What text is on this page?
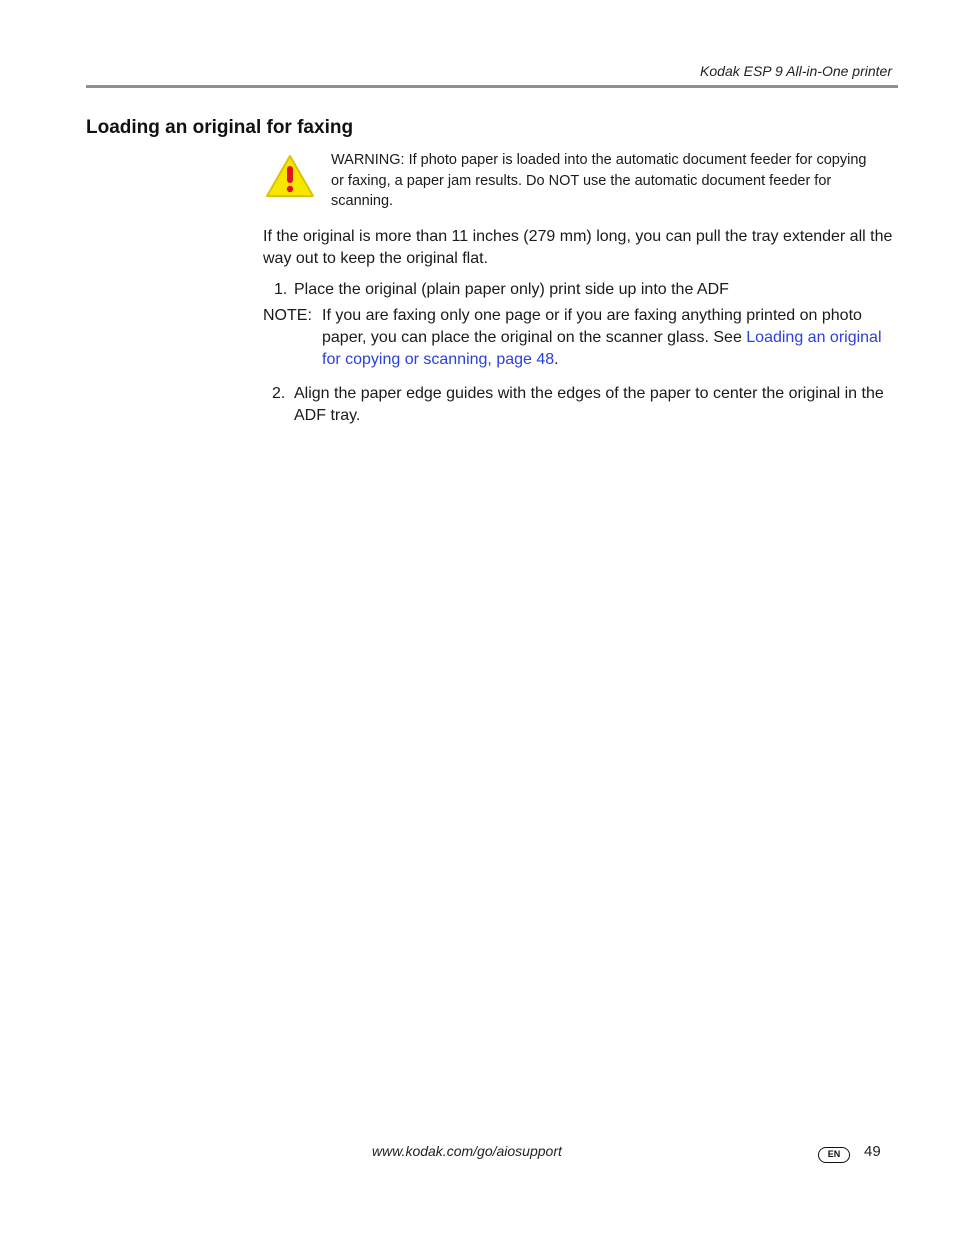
Kodak ESP 9 All-in-One printer
Loading an original for faxing
WARNING: If photo paper is loaded into the automatic document feeder for copying or faxing, a paper jam results. Do NOT use the automatic document feeder for scanning.
If the original is more than 11 inches (279 mm) long, you can pull the tray extender all the way out to keep the original flat.
1. Place the original (plain paper only) print side up into the ADF
NOTE: If you are faxing only one page or if you are faxing anything printed on photo paper, you can place the original on the scanner glass. See Loading an original for copying or scanning, page 48.
2. Align the paper edge guides with the edges of the paper to center the original in the ADF tray.
www.kodak.com/go/aiosupport	EN	49
